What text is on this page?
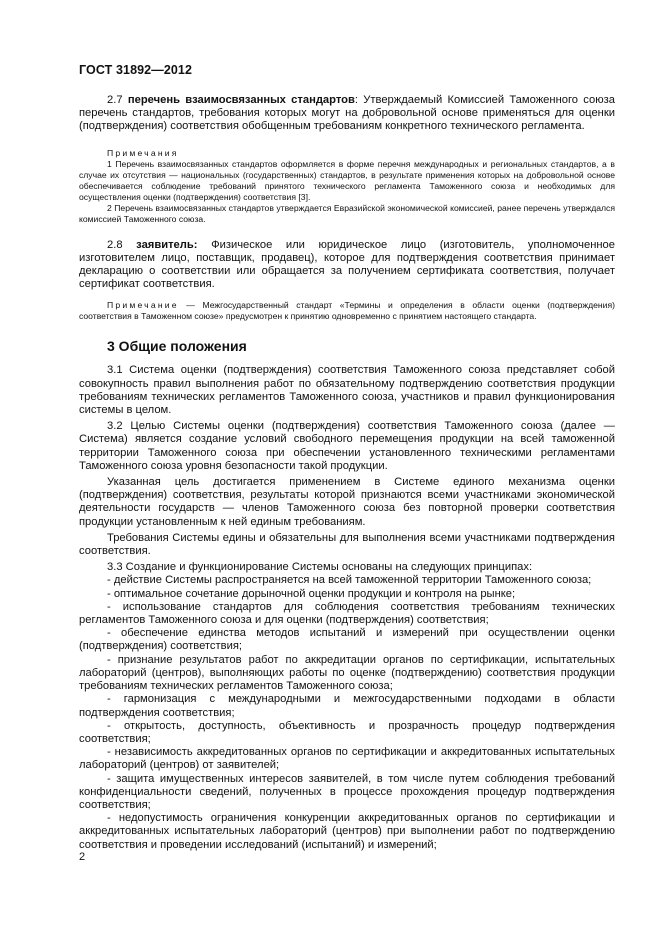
ГОСТ 31892—2012

2.7 перечень взаимосвязанных стандартов: Утверждаемый Комиссией Таможенного союза перечень стандартов, требования которых могут на добровольной основе применяться для оценки (подтверждения) соответствия обобщенным требованиям конкретного технического регламента.

Примечания

1 Перечень взаимосвязанных стандартов оформляется в форме перечня международных и региональных стандартов, а в случае их отсутствия — национальных (государственных) стандартов, в результате применения которых на добровольной основе обеспечивается соблюдение требований принятого технического регламента Таможенного союза и необходимых для осуществления оценки (подтверждения) соответствия [3].

2 Перечень взаимосвязанных стандартов утверждается Евразийской экономической комиссией, ранее перечень утверждался комиссией Таможенного союза.

2.8 заявитель: Физическое или юридическое лицо (изготовитель, уполномоченное изготовителем лицо, поставщик, продавец), которое для подтверждения соответствия принимает декларацию о соответствии или обращается за получением сертификата соответствия, получает сертификат соответствия.

Примечание — Межгосударственный стандарт «Термины и определения в области оценки (подтверждения) соответствия в Таможенном союзе» предусмотрен к принятию одновременно с принятием настоящего стандарта.

3 Общие положения

3.1 Система оценки (подтверждения) соответствия Таможенного союза представляет собой совокупность правил выполнения работ по обязательному подтверждению соответствия продукции требованиям технических регламентов Таможенного союза, участников и правил функционирования системы в целом.

3.2 Целью Системы оценки (подтверждения) соответствия Таможенного союза (далее — Система) является создание условий свободного перемещения продукции на всей таможенной территории Таможенного союза при обеспечении установленного техническими регламентами Таможенного союза уровня безопасности такой продукции.

Указанная цель достигается применением в Системе единого механизма оценки (подтверждения) соответствия, результаты которой признаются всеми участниками экономической деятельности государств — членов Таможенного союза без повторной проверки соответствия продукции установленным к ней единым требованиям.

Требования Системы едины и обязательны для выполнения всеми участниками подтверждения соответствия.

3.3 Создание и функционирование Системы основаны на следующих принципах:

- действие Системы распространяется на всей таможенной территории Таможенного союза;

- оптимальное сочетание дорыночной оценки продукции и контроля на рынке;

- использование стандартов для соблюдения соответствия требованиям технических регламентов Таможенного союза и для оценки (подтверждения) соответствия;

- обеспечение единства методов испытаний и измерений при осуществлении оценки (подтверждения) соответствия;

- признание результатов работ по аккредитации органов по сертификации, испытательных лабораторий (центров), выполняющих работы по оценке (подтверждению) соответствия продукции требованиям технических регламентов Таможенного союза;

- гармонизация с международными и межгосударственными подходами в области подтверждения соответствия;

- открытость, доступность, объективность и прозрачность процедур подтверждения соответствия;

- независимость аккредитованных органов по сертификации и аккредитованных испытательных лабораторий (центров) от заявителей;

- защита имущественных интересов заявителей, в том числе путем соблюдения требований конфиденциальности сведений, полученных в процессе прохождения процедур подтверждения соответствия;

- недопустимость ограничения конкуренции аккредитованных органов по сертификации и аккредитованных испытательных лабораторий (центров) при выполнении работ по подтверждению соответствия и проведении исследований (испытаний) и измерений;

2
